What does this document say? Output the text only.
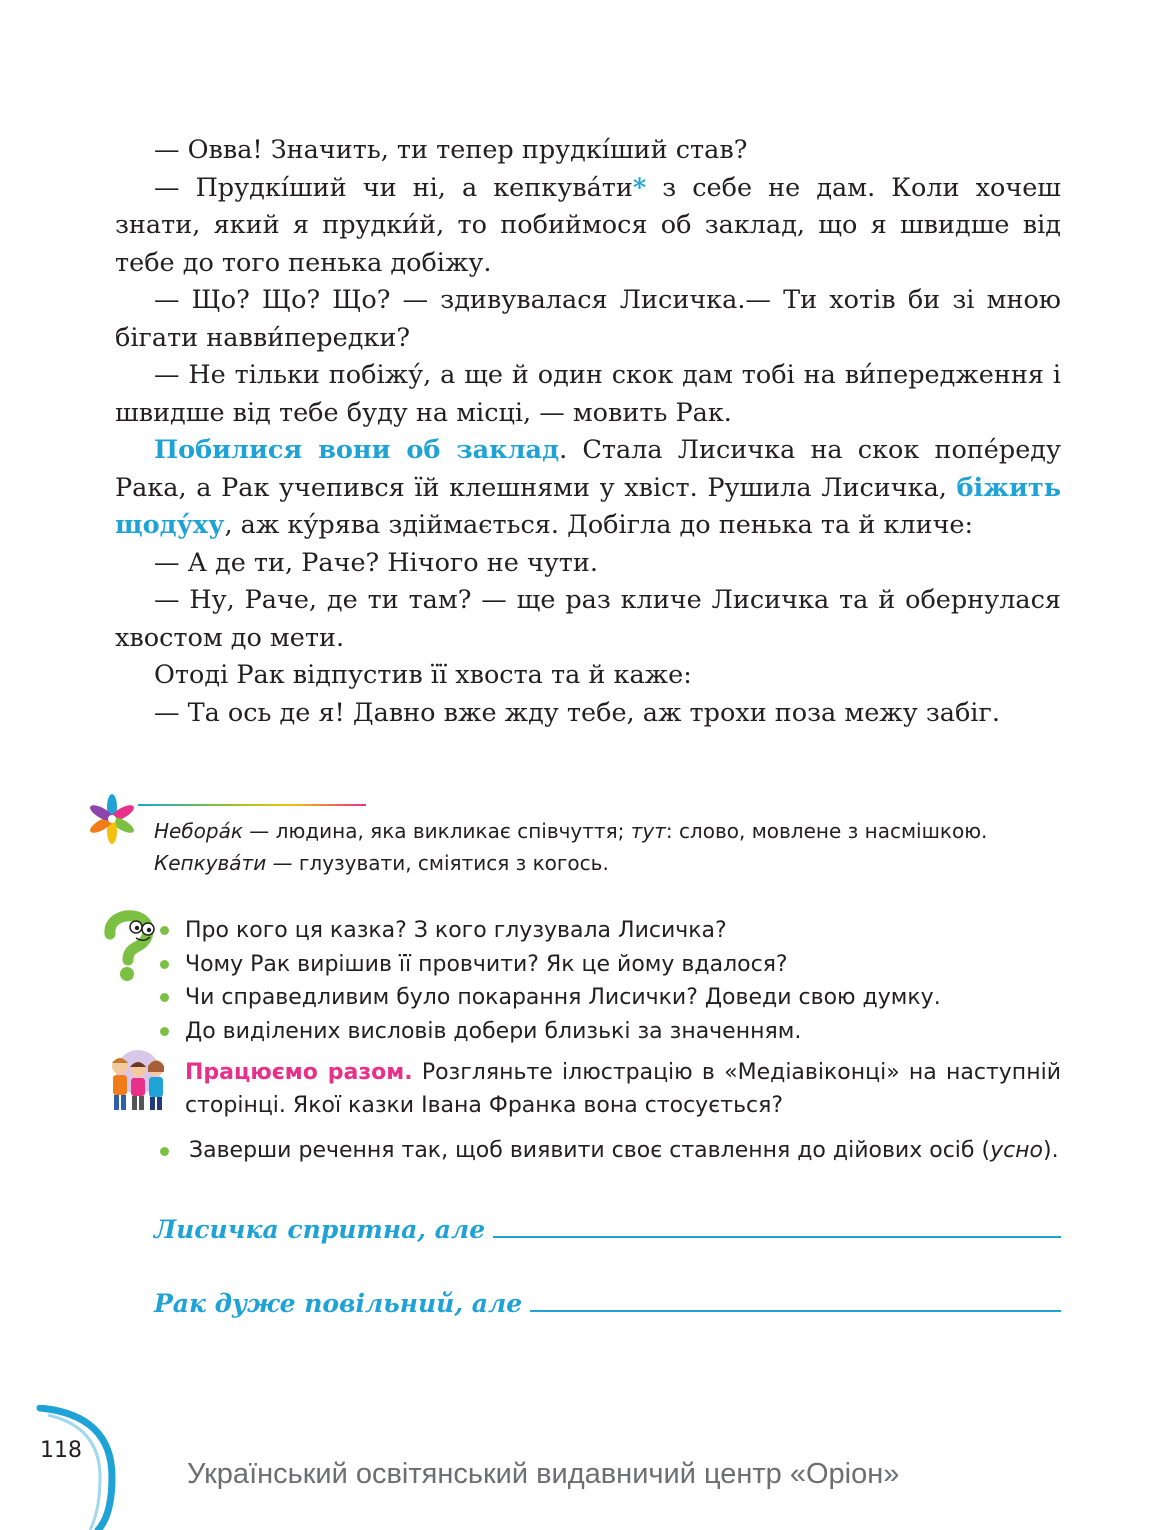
— Овва! Значить, ти тепер прудкі́ший став?

— Прудкі́ший чи ні, а кепкува́ти* з себе не дам. Коли хочеш знати, який я прудки́й, то побиймося об заклад, що я швидше від тебе до того пенька добіжу.

— Що? Що? Що? — здивувалася Лисичка.— Ти хотів би зі мною бігати навви́передки?

— Не тільки побіжу́, а ще й один скок дам тобі на ви́передження і швидше від тебе буду на місці, — мовить Рак.

Побилися вони об заклад. Стала Лисичка на скок попе́реду Рака, а Рак учепився їй клешнями у хвіст. Рушила Лисичка, біжить щоду́ху, аж ку́рява здіймається. Добігла до пенька та й кличе:

— А де ти, Раче? Нічого не чути.

— Ну, Раче, де ти там? — ще раз кличе Лисичка та й обернулася хвостом до мети.

Отоді Рак відпустив її хвоста та й каже:

— Та ось де я! Давно вже жду тебе, аж трохи поза межу забіг.

Небора́к — людина, яка викликає співчуття; тут: слово, мовлене з насмішкою.

Кепкува́ти — глузувати, сміятися з когось.

Про кого ця казка? З кого глузувала Лисичка?
Чому Рак вирішив її провчити? Як це йому вдалося?
Чи справедливим було покарання Лисички? Доведи свою думку.
До виділених висловів добери близькі за значенням.

Працюємо разом. Розгляньте ілюстрацію в «Медіавіконці» на наступній сторінці. Якої казки Івана Франка вона стосується?

Заверши речення так, щоб виявити своє ставлення до дійових осіб (усно).

Лисичка спритна, але
Рак дуже повільний, але
118
Український освітянський видавничий центр «Оріон»
